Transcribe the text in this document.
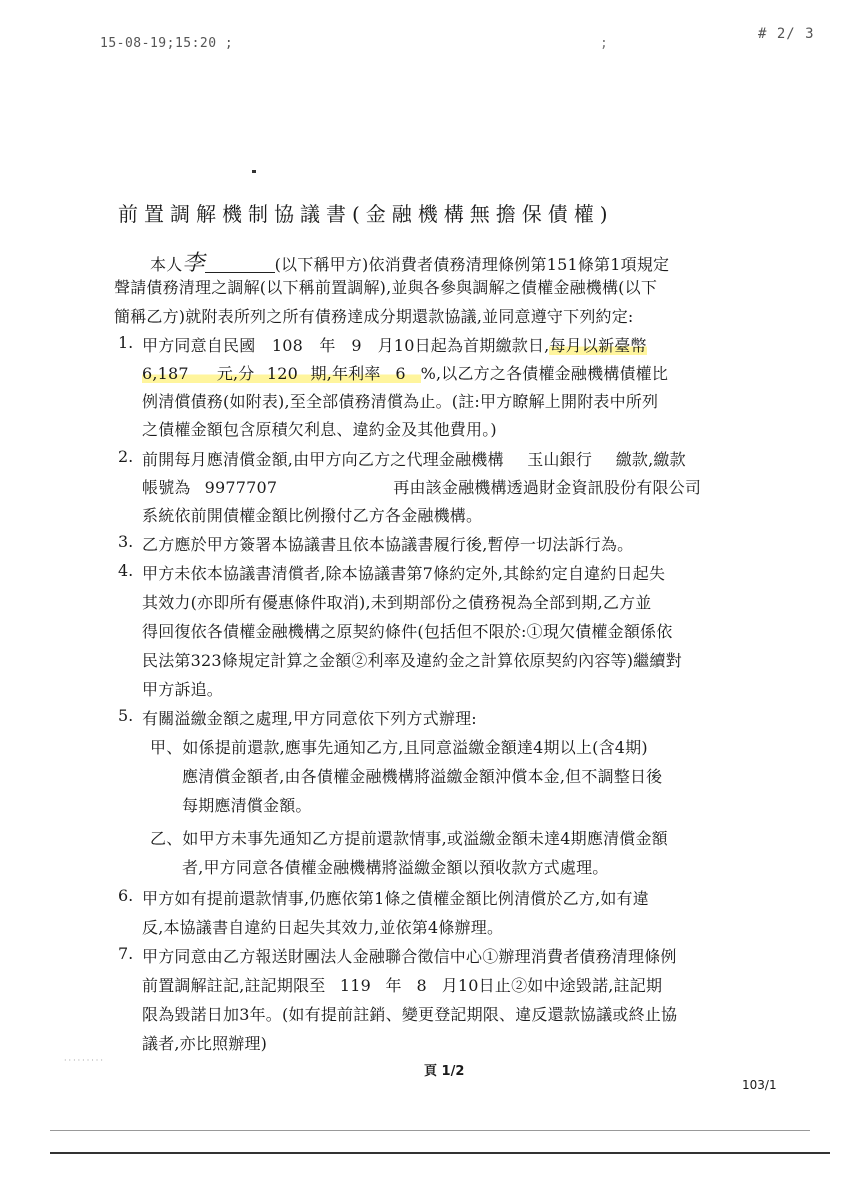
15-08-19;15:20 ;	;
# 2/ 3
前置調解機制協議書(金融機構無擔保債權)
本人李	(以下稱甲方)依消費者債務清理條例第151條第1項規定
聲請債務清理之調解(以下稱前置調解),並與各參與調解之債權金融機構(以下
簡稱乙方)就附表所列之所有債務達成分期還款協議,並同意遵守下列約定:
1. 甲方同意自民國 108 年 9 月10日起為首期繳款日,每月以新臺幣
6,187 元,分 120 期,年利率 6 %,以乙方之各債權金融機構債權比
例清償債務(如附表),至全部債務清償為止。(註:甲方瞭解上開附表中所列
之債權金額包含原積欠利息、違約金及其他費用。)
2. 前開每月應清償金額,由甲方向乙方之代理金融機構 玉山銀行 繳款,繳款
帳號為 9977707	再由該金融機構透過財金資訊股份有限公司
系統依前開債權金額比例撥付乙方各金融機構。
3. 乙方應於甲方簽署本協議書且依本協議書履行後,暫停一切法訴行為。
4. 甲方未依本協議書清償者,除本協議書第7條約定外,其餘約定自違約日起失
其效力(亦即所有優惠條件取消),未到期部份之債務視為全部到期,乙方並
得回復依各債權金融機構之原契約條件(包括但不限於:①現欠債權金額係依
民法第323條規定計算之金額②利率及違約金之計算依原契約內容等)繼續對
甲方訴追。
5. 有關溢繳金額之處理,甲方同意依下列方式辦理:
甲、如係提前還款,應事先通知乙方,且同意溢繳金額達4期以上(含4期)
應清償金額者,由各債權金融機構將溢繳金額沖償本金,但不調整日後
每期應清償金額。
乙、如甲方未事先通知乙方提前還款情事,或溢繳金額未達4期應清償金額
者,甲方同意各債權金融機構將溢繳金額以預收款方式處理。
6. 甲方如有提前還款情事,仍應依第1條之債權金額比例清償於乙方,如有違
反,本協議書自違約日起失其效力,並依第4條辦理。
7. 甲方同意由乙方報送財團法人金融聯合徵信中心①辦理消費者債務清理條例
前置調解註記,註記期限至 119 年 8 月10日止②如中途毀諾,註記期
限為毀諾日加3年。(如有提前註銷、變更登記期限、違反還款協議或終止協
議者,亦比照辦理)
·········
頁 1/2
103/1
